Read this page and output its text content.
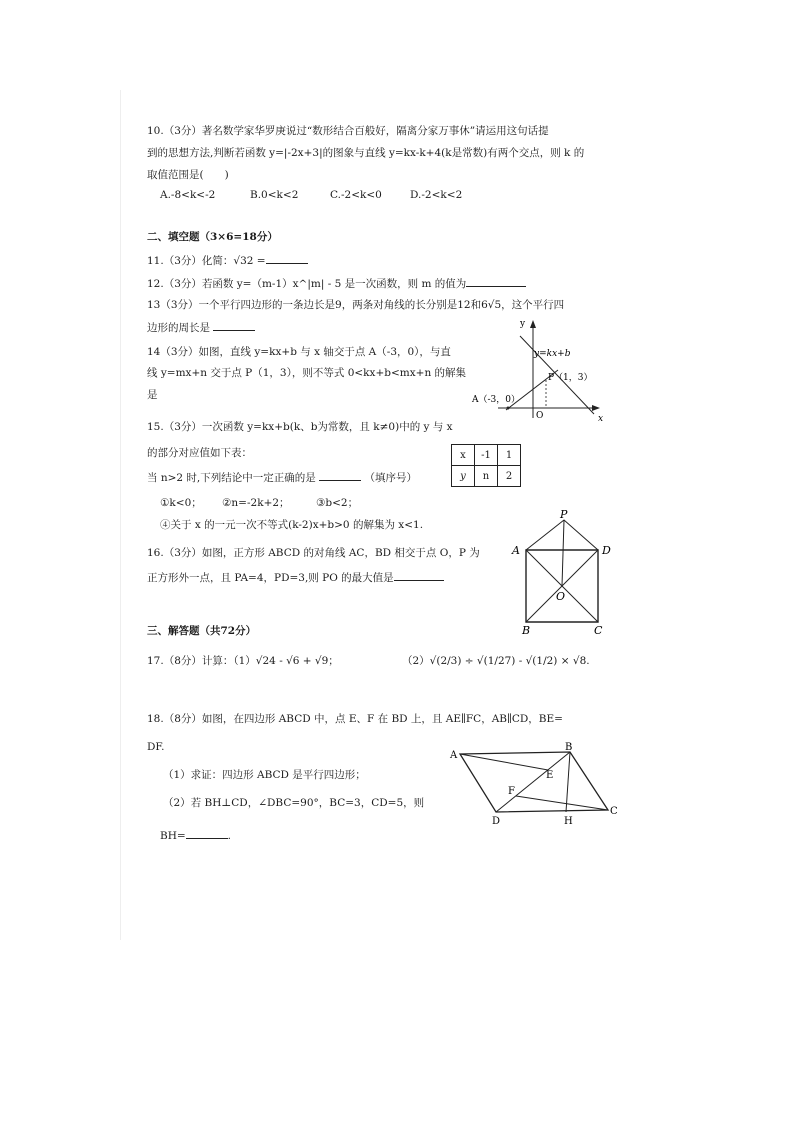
10.（3分）著名数学家华罗庚说过“数形结合百般好，隔离分家万事休”请运用这句话提
到的思想方法,判断若函数 y=|-2x+3|的图象与直线 y=kx-k+4(k是常数)有两个交点，则 k 的
取值范围是(　　)
A.-8<k<-2	B.0<k<2	C.-2<k<0	D.-2<k<2
二、填空题（3×6=18分）
11.（3分）化简：√32 =
12.（3分）若函数 y=（m-1）x^|m| - 5 是一次函数，则 m 的值为
13（3分）一个平行四边形的一条边长是9，两条对角线的长分别是12和6√5，这个平行四
边形的周长是
14（3分）如图，直线 y=kx+b 与 x 轴交于点 A（-3，0），与直
线 y=mx+n 交于点 P（1，3），则不等式 0<kx+b<mx+n 的解集
是
y
x
y=kx+b
P（1，3）
A（-3，0）
O
15.（3分）一次函数 y=kx+b(k、b为常数，且 k≠0)中的 y 与 x
的部分对应值如下表：
当 n>2 时,下列结论中一定正确的是	（填序号）
①k<0； ②n=-2k+2；	③b<2；
④关于 x 的一元一次不等式(k-2)x+b>0 的解集为 x<1.
x	-1	1
y	n	2
16.（3分）如图，正方形 ABCD 的对角线 AC，BD 相交于点 O，P 为
正方形外一点，且 PA=4，PD=3,则 PO 的最大值是
P
A	D
O
B	C
三、解答题（共72分）
17.（8分）计算：（1）√24 - √6 + √9；	（2）√(2/3) ÷ √(1/27) - √(1/2) × √8.
18.（8分）如图，在四边形 ABCD 中，点 E、F 在 BD 上，且 AE∥FC，AB∥CD，BE=
DF.
（1）求证：四边形 ABCD 是平行四边形；
（2）若 BH⊥CD，∠DBC=90°，BC=3，CD=5，则
BH=	.
A
B
E
F
D	H
C
